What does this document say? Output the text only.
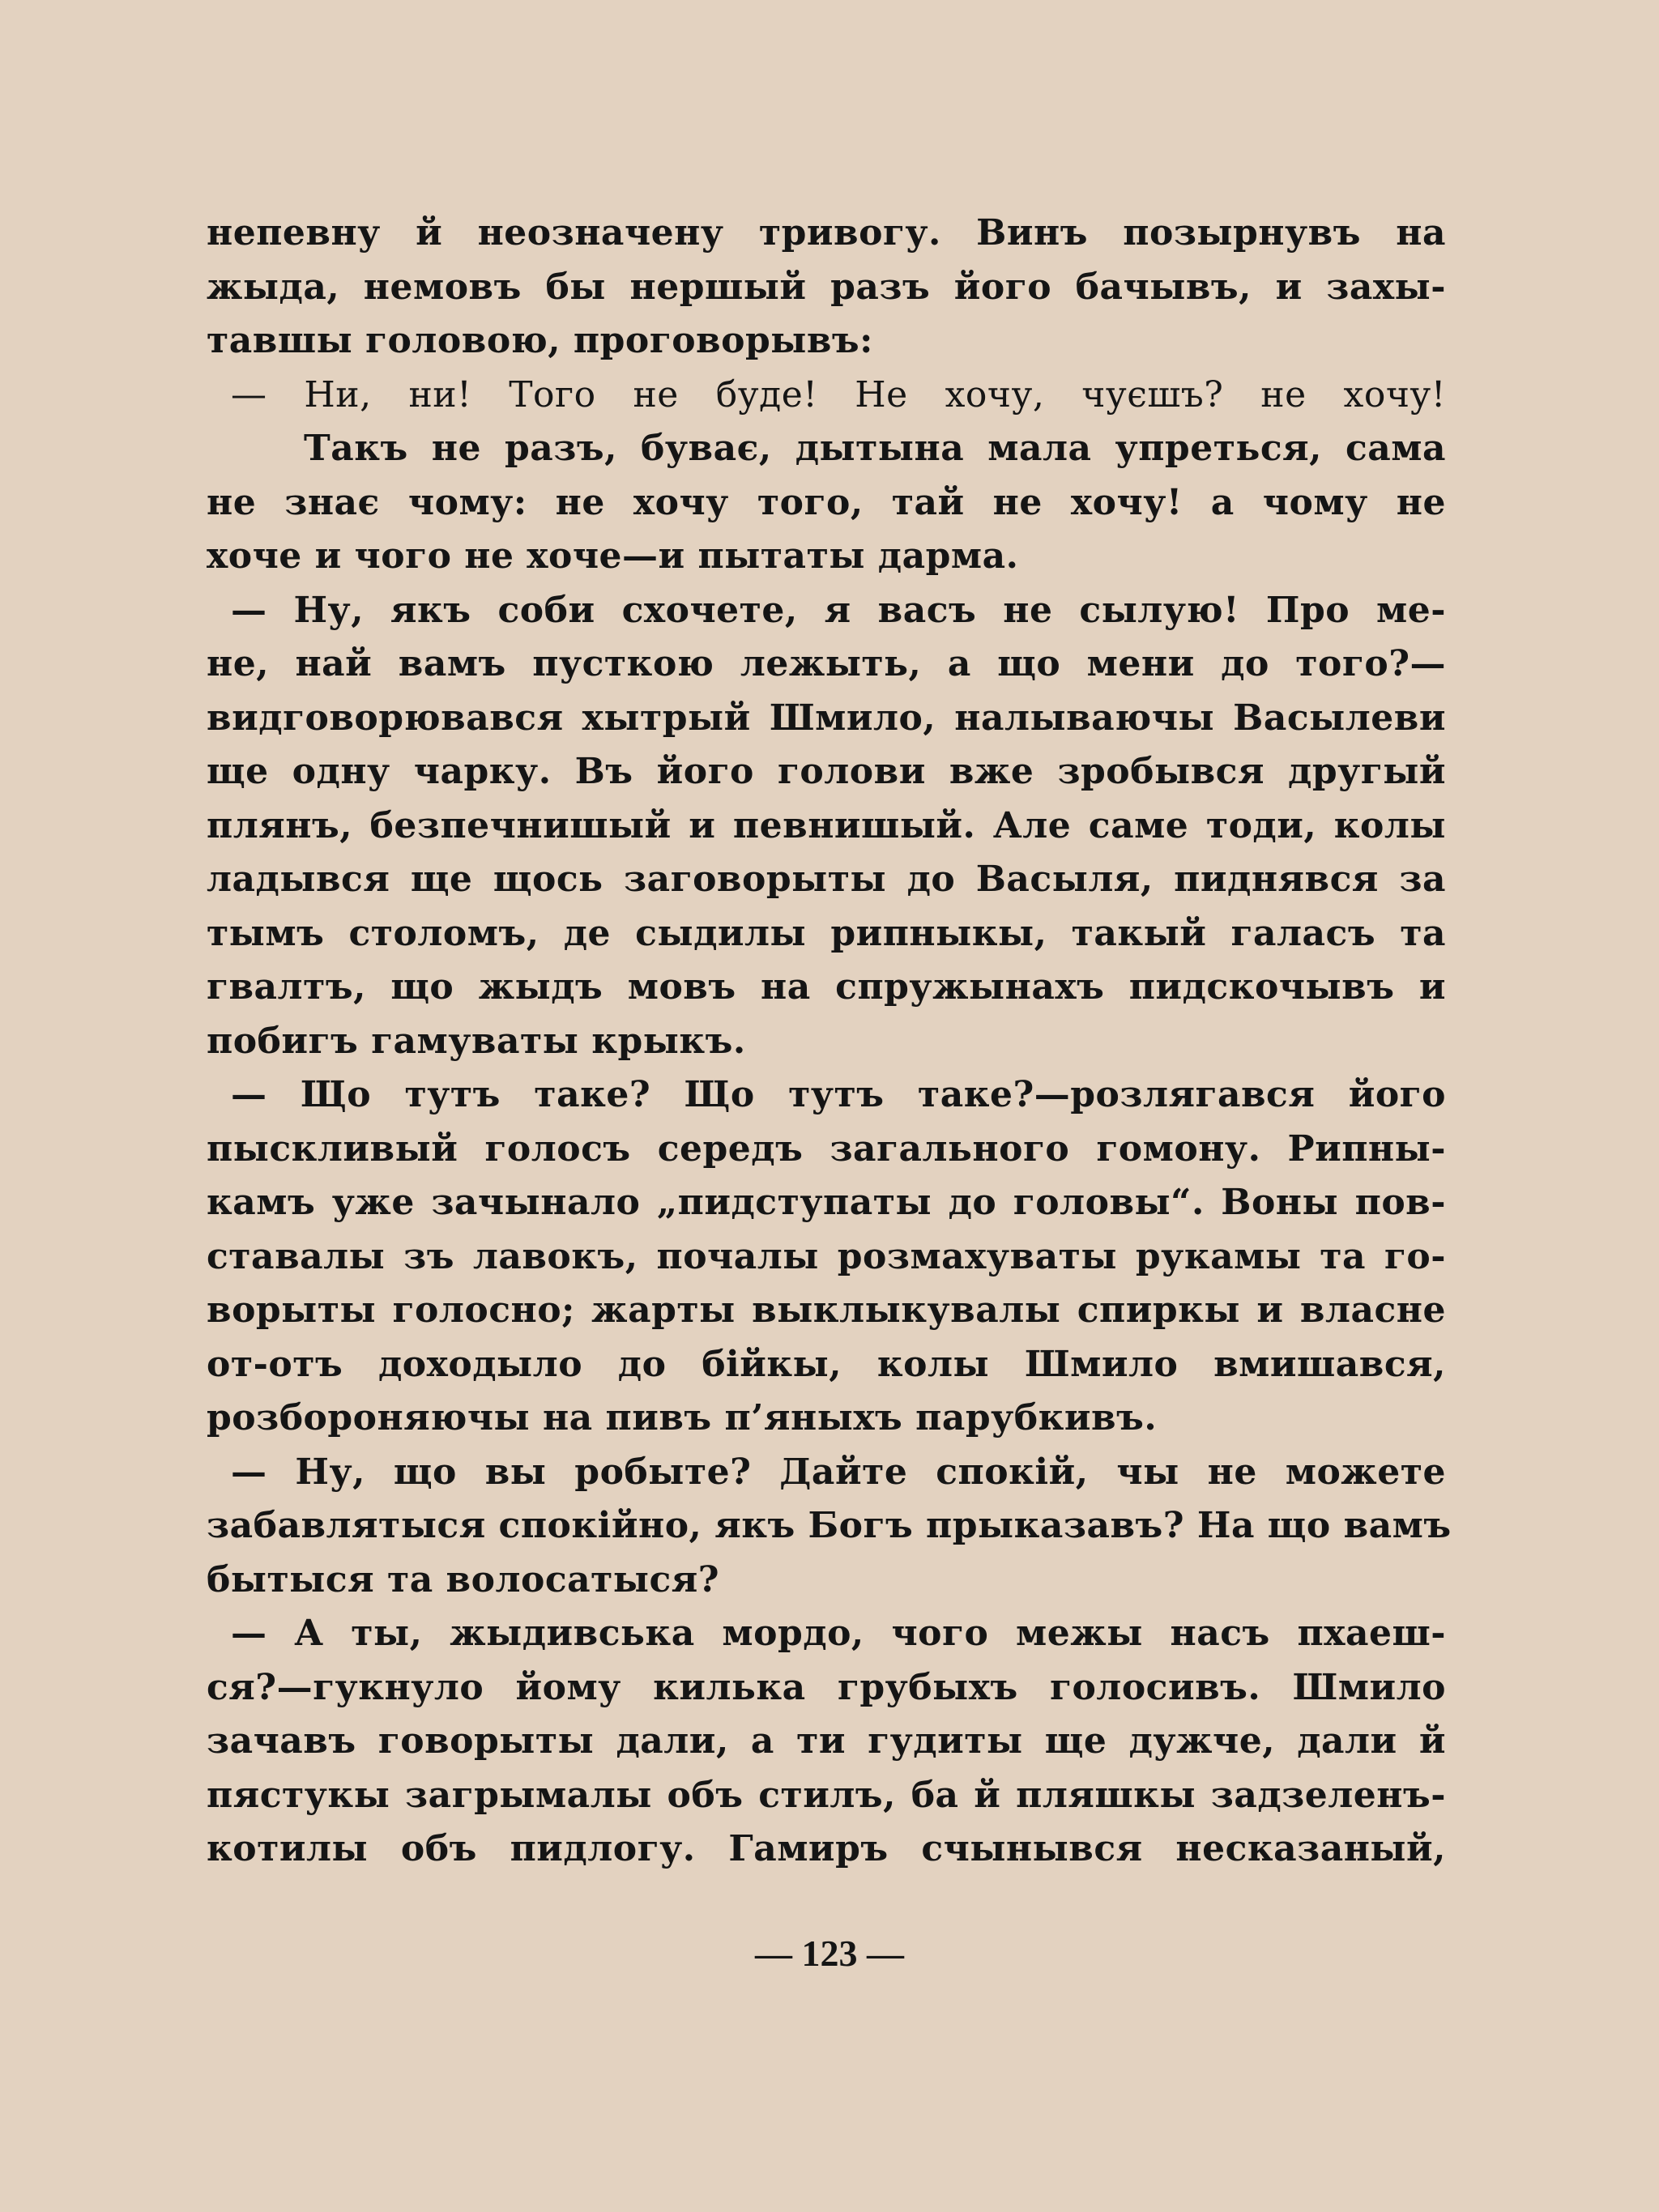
непевну й неозначену тривогу. Винъ позырнувъ на
жыда, немовъ бы нершый разъ його бачывъ, и захы-
тавшы головою, проговорывъ:
— Ни, ни! Того не буде! Не хочу, чуєшъ? не хочу!
Такъ не разъ, буває, дытына мала упреться, сама
не знає чому: не хочу того, тай не хочу! а чому не
хоче и чого не хоче—и пытаты дарма.
— Ну, якъ соби схочете, я васъ не сылую! Про ме-
не, най вамъ пусткою лежыть, а що мени до того?—
видговорювався хытрый Шмило, налываючы Васылеви
ще одну чарку. Въ його голови вже зробывся другый
плянъ, безпечнишый и певнишый. Але саме тоди, колы
ладывся ще щось заговорыты до Васыля, пиднявся за
тымъ столомъ, де сыдилы рипныкы, такый галасъ та
гвалтъ, що жыдъ мовъ на спружынахъ пидскочывъ и
побигъ гамуваты крыкъ.
— Що тутъ таке? Що тутъ таке?—розлягався його
пыскливый голосъ середъ загального гомону. Рипны-
камъ уже зачынало „пидступаты до головы“. Воны пов-
ставалы зъ лавокъ, почалы розмахуваты рукамы та го-
ворыты голосно; жарты выклыкувалы спиркы и власне
от-отъ доходыло до бійкы, колы Шмило вмишався,
розбороняючы на пивъ п’яныхъ парубкивъ.
— Ну, що вы робыте? Дайте спокій, чы не можете
забавлятыся спокійно, якъ Богъ прыказавъ? На що вамъ
бытыся та волосатыся?
— А ты, жыдивська мордо, чого межы насъ пхаеш-
ся?—гукнуло йому килька грубыхъ голосивъ. Шмило
зачавъ говорыты дали, а ти гудиты ще дужче, дали й
пястукы загрымалы объ стилъ, ба й пляшкы задзеленъ-
котилы объ пидлогу. Гамиръ счынывся несказаный,
— 123 —
